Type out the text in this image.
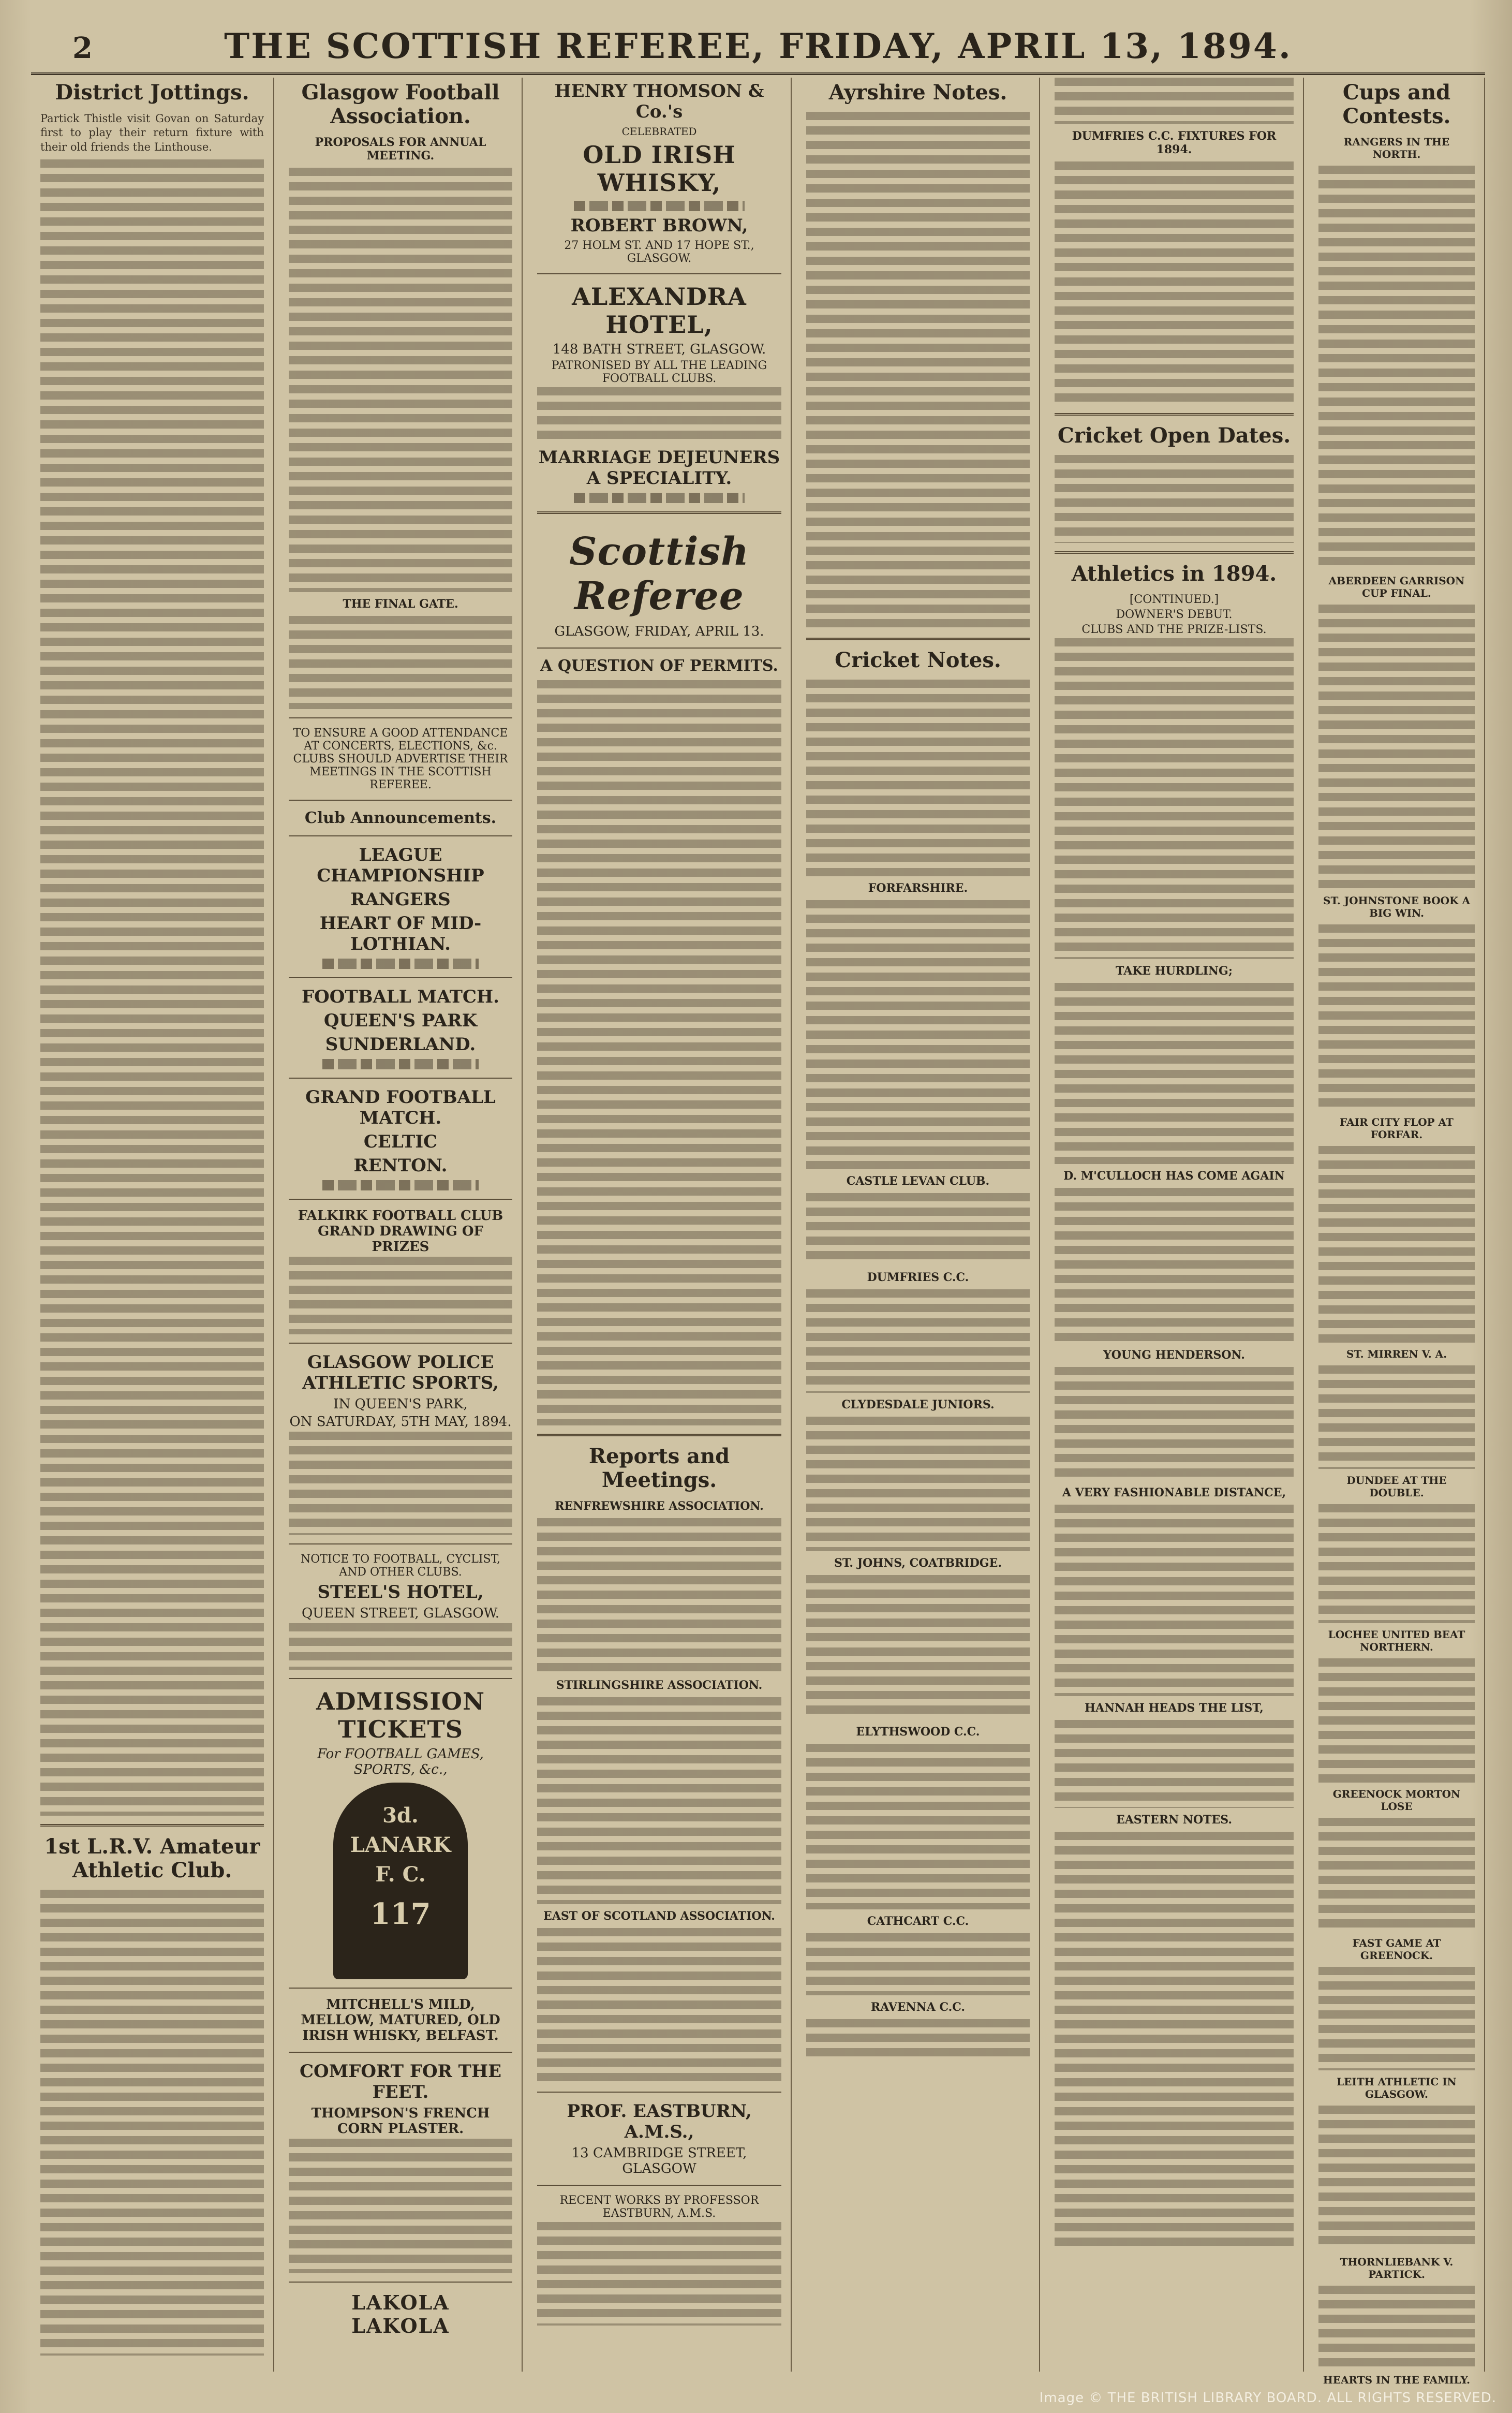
2	THE SCOTTISH REFEREE, FRIDAY, APRIL 13, 1894.
District Jottings.
Partick Thistle visit Govan on Saturday first to play their return fixture with their old friends the Linthouse.
1st L.R.V. Amateur Athletic Club.
Glasgow Football Association.
PROPOSALS FOR ANNUAL MEETING.
THE FINAL GATE.
TO ENSURE A GOOD ATTENDANCE AT CONCERTS, ELECTIONS, &c. CLUBS SHOULD ADVERTISE THEIR MEETINGS IN THE SCOTTISH REFEREE.
Club Announcements.
LEAGUE CHAMPIONSHIP
RANGERS
HEART OF MID-LOTHIAN.
FOOTBALL MATCH.
QUEEN'S PARK
SUNDERLAND.
GRAND FOOTBALL MATCH.
CELTIC
RENTON.
FALKIRK FOOTBALL CLUB GRAND DRAWING OF PRIZES
GLASGOW POLICE ATHLETIC SPORTS,
IN QUEEN'S PARK,
ON SATURDAY, 5TH MAY, 1894.
NOTICE TO FOOTBALL, CYCLIST, AND OTHER CLUBS.
STEEL'S HOTEL,
QUEEN STREET, GLASGOW.
ADMISSION TICKETS
For FOOTBALL GAMES, SPORTS, &c.,
3d.
LANARK
F. C.
117
MITCHELL'S MILD, MELLOW, MATURED, OLD IRISH WHISKY, BELFAST.
COMFORT FOR THE FEET.
THOMPSON'S FRENCH CORN PLASTER.
LAKOLA
LAKOLA
HENRY THOMSON & Co.'s
CELEBRATED
OLD IRISH WHISKY,
ROBERT BROWN,
27 HOLM ST. AND 17 HOPE ST., GLASGOW.
ALEXANDRA HOTEL,
148 BATH STREET, GLASGOW.
PATRONISED BY ALL THE LEADING FOOTBALL CLUBS.
MARRIAGE DEJEUNERS A SPECIALITY.
Scottish Referee
GLASGOW, FRIDAY, APRIL 13.
A QUESTION OF PERMITS.
Reports and Meetings.
RENFREWSHIRE ASSOCIATION.
STIRLINGSHIRE ASSOCIATION.
EAST OF SCOTLAND ASSOCIATION.
PROF. EASTBURN, A.M.S.,
13 CAMBRIDGE STREET, GLASGOW
RECENT WORKS BY PROFESSOR EASTBURN, A.M.S.
Ayrshire Notes.
Cricket Notes.
FORFARSHIRE.
CASTLE LEVAN CLUB.
DUMFRIES C.C.
CLYDESDALE JUNIORS.
ST. JOHNS, COATBRIDGE.
ELYTHSWOOD C.C.
CATHCART C.C.
RAVENNA C.C.
DUMFRIES C.C. FIXTURES FOR 1894.
Cricket Open Dates.
Athletics in 1894.
[CONTINUED.]
DOWNER'S DEBUT.
CLUBS AND THE PRIZE-LISTS.
TAKE HURDLING;
D. M'CULLOCH HAS COME AGAIN
YOUNG HENDERSON.
A VERY FASHIONABLE DISTANCE,
HANNAH HEADS THE LIST,
EASTERN NOTES.
Cups and Contests.
RANGERS IN THE NORTH.
ABERDEEN GARRISON CUP FINAL.
ST. JOHNSTONE BOOK A BIG WIN.
FAIR CITY FLOP AT FORFAR.
ST. MIRREN V. A.
DUNDEE AT THE DOUBLE.
LOCHEE UNITED BEAT NORTHERN.
GREENOCK MORTON LOSE
FAST GAME AT GREENOCK.
LEITH ATHLETIC IN GLASGOW.
THORNLIEBANK V. PARTICK.
HEARTS IN THE FAMILY.
Image © THE BRITISH LIBRARY BOARD. ALL RIGHTS RESERVED.
